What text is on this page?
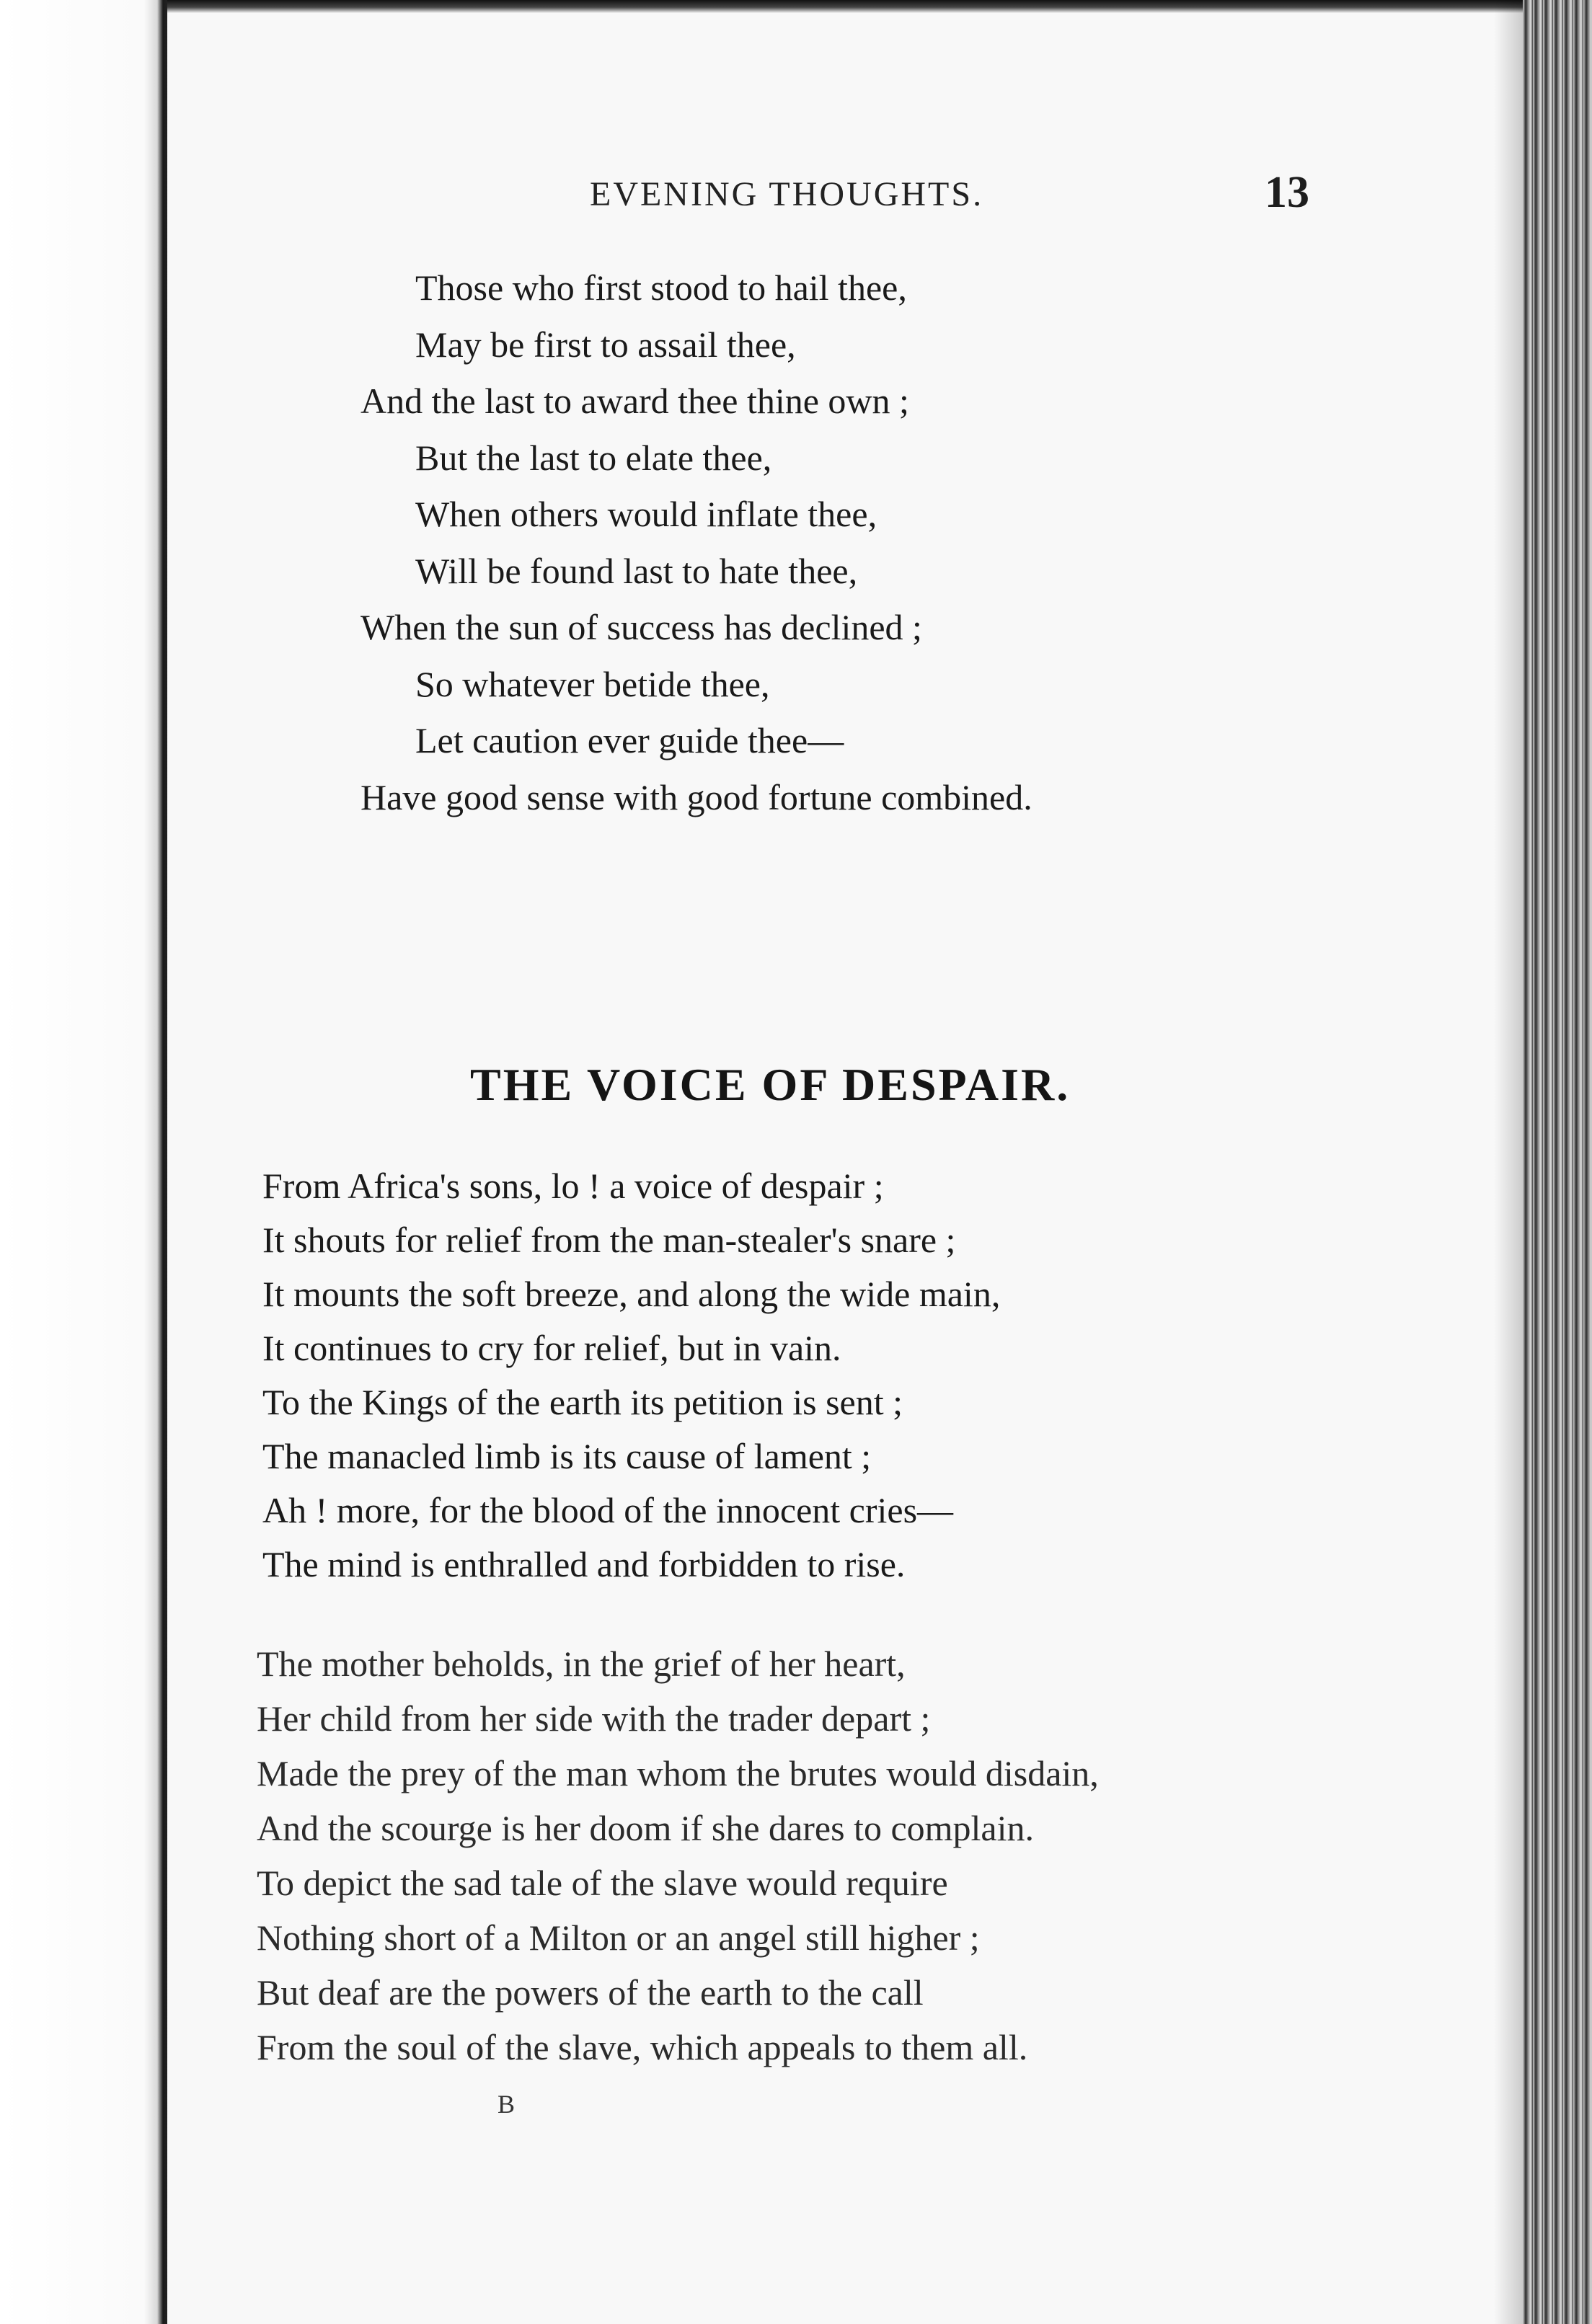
EVENING THOUGHTS.	13
Those who first stood to hail thee,
May be first to assail thee,
And the last to award thee thine own ;
But the last to elate thee,
When others would inflate thee,
Will be found last to hate thee,
When the sun of success has declined ;
So whatever betide thee,
Let caution ever guide thee—
Have good sense with good fortune combined.
THE VOICE OF DESPAIR.
From Africa's sons, lo ! a voice of despair ;
It shouts for relief from the man-stealer's snare ;
It mounts the soft breeze, and along the wide main,
It continues to cry for relief, but in vain.
To the Kings of the earth its petition is sent ;
The manacled limb is its cause of lament ;
Ah ! more, for the blood of the innocent cries—
The mind is enthralled and forbidden to rise.
The mother beholds, in the grief of her heart,
Her child from her side with the trader depart ;
Made the prey of the man whom the brutes would disdain,
And the scourge is her doom if she dares to complain.
To depict the sad tale of the slave would require
Nothing short of a Milton or an angel still higher ;
But deaf are the powers of the earth to the call
From the soul of the slave, which appeals to them all.
B
